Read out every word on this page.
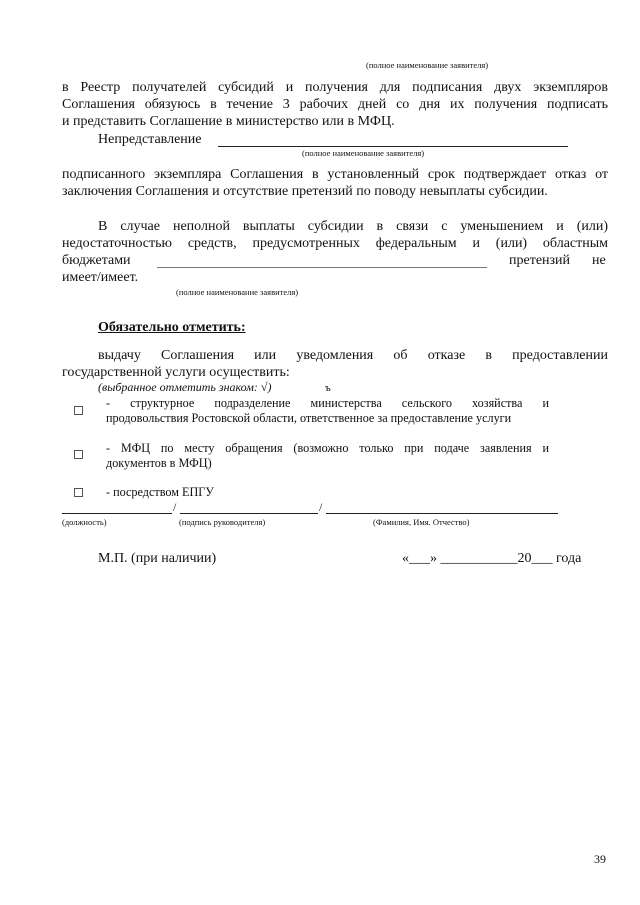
(полное наименование заявителя)
в Реестр получателей субсидий и получения для подписания двух экземпляров
Соглашения обязуюсь в течение 3 рабочих дней со дня их получения подписать
и представить Соглашение в министерство или в МФЦ.
Непредставление
(полное наименование заявителя)
подписанного экземпляра Соглашения в установленный срок подтверждает отказ от
заключения Соглашения и отсутствие претензий по поводу невыплаты субсидии.
В случае неполной выплаты субсидии в связи с уменьшением и (или)
недостаточностью средств, предусмотренных федеральным и (или) областным
бюджетами	претензий не
имеет/имеет.
(полное наименование заявителя)
Обязательно отметить:
выдачу Соглашения или уведомления об отказе в предоставлении
государственной услуги осуществить:
(выбранное отметить знаком: √)	ъ
- структурное подразделение министерства сельского хозяйства и
продовольствия Ростовской области, ответственное за предоставление услуги
- МФЦ по месту обращения (возможно только при подаче заявления и
документов в МФЦ)
- посредством ЕПГУ
/	/
(должность)	(подпись руководителя)	(Фамилия, Имя. Отчество)
М.П. (при наличии)	«___» ___________20___ года
39
